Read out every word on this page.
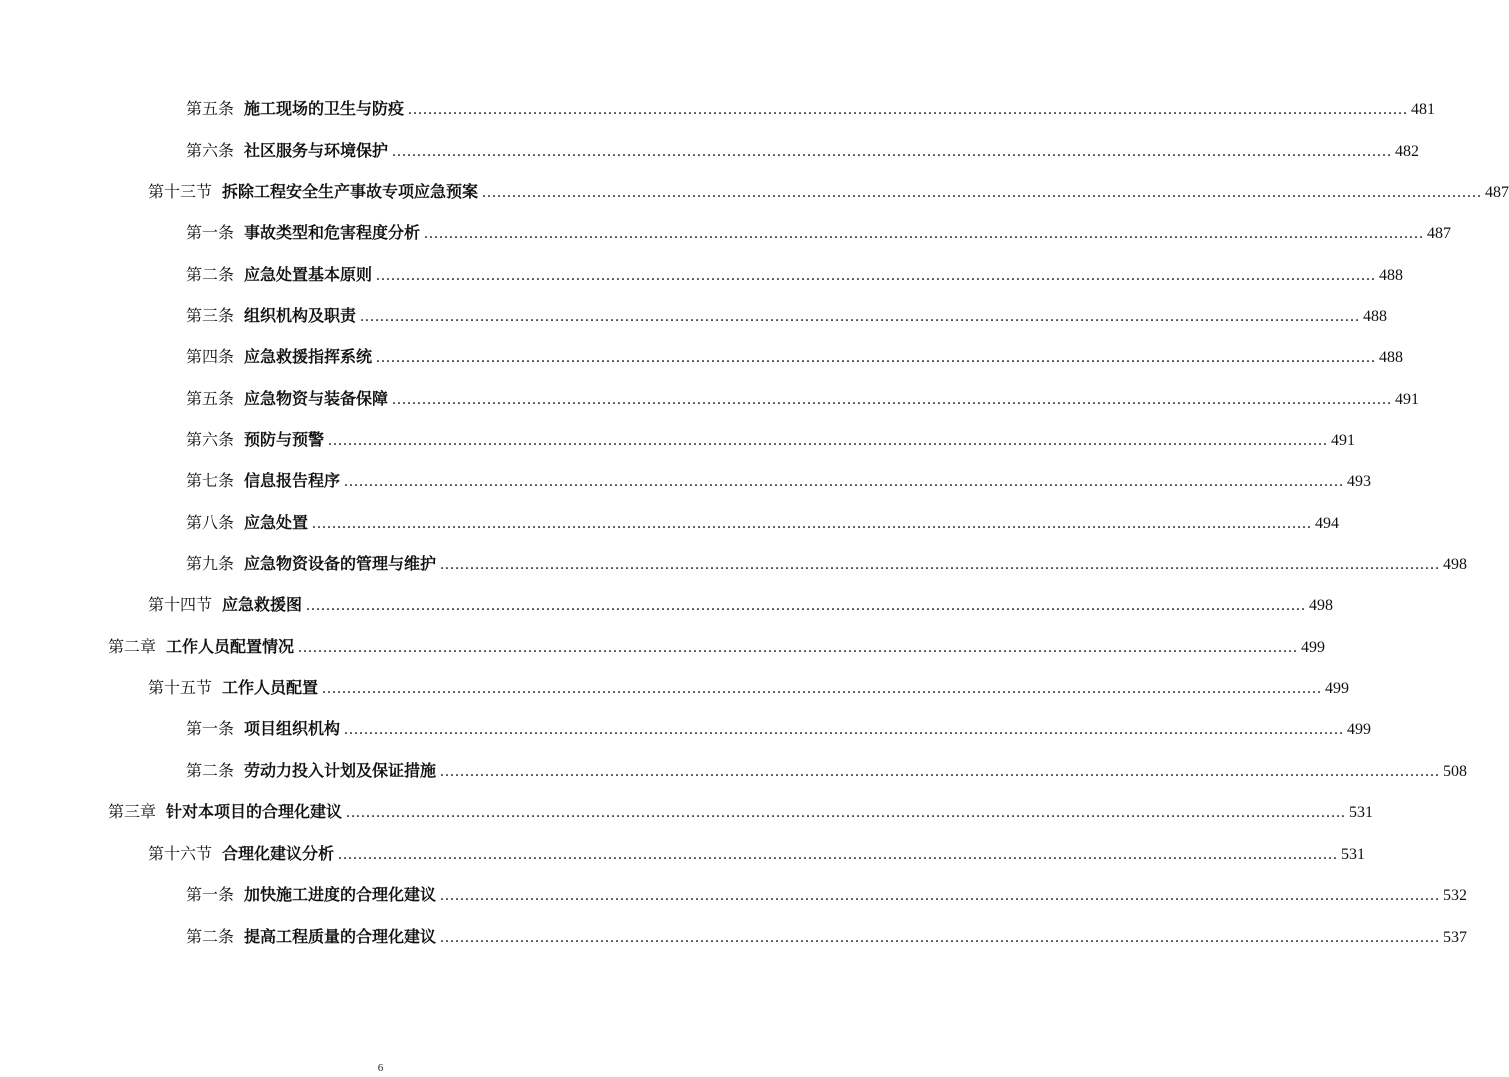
第五条 施工现场的卫生与防疫 ........................................................................................................................................................................................................ 481
第六条 社区服务与环境保护 ........................................................................................................................................................................................................ 482
第十三节 拆除工程安全生产事故专项应急预案 ........................................................................................................................................................................................................ 487
第一条 事故类型和危害程度分析 ........................................................................................................................................................................................................ 487
第二条 应急处置基本原则 ........................................................................................................................................................................................................ 488
第三条 组织机构及职责 ........................................................................................................................................................................................................ 488
第四条 应急救援指挥系统 ........................................................................................................................................................................................................ 488
第五条 应急物资与装备保障 ........................................................................................................................................................................................................ 491
第六条 预防与预警 ........................................................................................................................................................................................................ 491
第七条 信息报告程序 ........................................................................................................................................................................................................ 493
第八条 应急处置 ........................................................................................................................................................................................................ 494
第九条 应急物资设备的管理与维护 ........................................................................................................................................................................................................ 498
第十四节 应急救援图 ........................................................................................................................................................................................................ 498
第二章 工作人员配置情况 ........................................................................................................................................................................................................ 499
第十五节 工作人员配置 ........................................................................................................................................................................................................ 499
第一条 项目组织机构 ........................................................................................................................................................................................................ 499
第二条 劳动力投入计划及保证措施 ........................................................................................................................................................................................................ 508
第三章 针对本项目的合理化建议 ........................................................................................................................................................................................................ 531
第十六节 合理化建议分析 ........................................................................................................................................................................................................ 531
第一条 加快施工进度的合理化建议 ........................................................................................................................................................................................................ 532
第二条 提高工程质量的合理化建议 ........................................................................................................................................................................................................ 537
6
